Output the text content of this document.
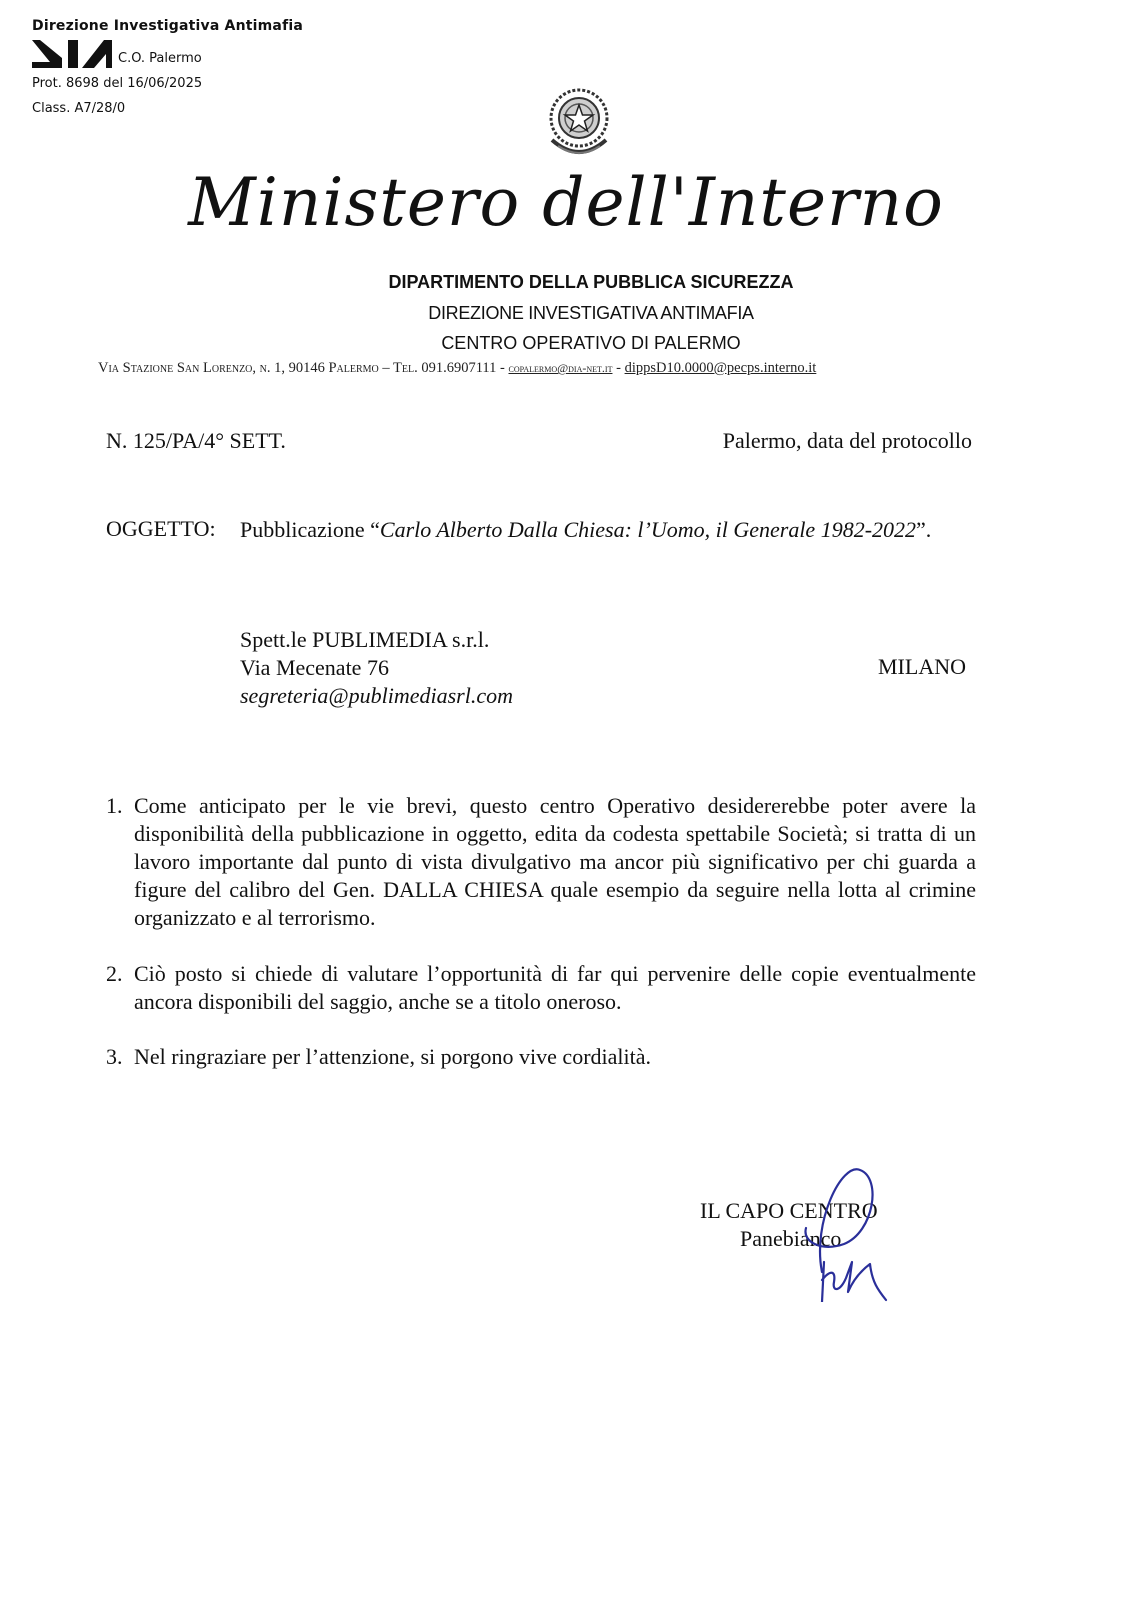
Direzione Investigativa Antimafia
C.O. Palermo
Prot. 8698 del 16/06/2025
Class. A7/28/0
Ministero dell'Interno
DIPARTIMENTO DELLA PUBBLICA SICUREZZA
DIREZIONE INVESTIGATIVA ANTIMAFIA
CENTRO OPERATIVO DI PALERMO
Via Stazione San Lorenzo, n. 1, 90146 Palermo – Tel. 091.6907111 - copalermo@dia-net.it - dippsD10.0000@pecps.interno.it
N. 125/PA/4° SETT.	Palermo, data del protocollo
OGGETTO: Pubblicazione “Carlo Alberto Dalla Chiesa: l’Uomo, il Generale 1982-2022”.
Spett.le PUBLIMEDIA s.r.l.
Via Mecenate 76
segreteria@publimediasrl.com
MILANO
1. Come anticipato per le vie brevi, questo centro Operativo desidererebbe poter avere la disponibilità della pubblicazione in oggetto, edita da codesta spettabile Società; si tratta di un lavoro importante dal punto di vista divulgativo ma ancor più significativo per chi guarda a figure del calibro del Gen. DALLA CHIESA quale esempio da seguire nella lotta al crimine organizzato e al terrorismo.
2. Ciò posto si chiede di valutare l’opportunità di far qui pervenire delle copie eventualmente ancora disponibili del saggio, anche se a titolo oneroso.
3. Nel ringraziare per l’attenzione, si porgono vive cordialità.
IL CAPO CENTRO
Panebianco
